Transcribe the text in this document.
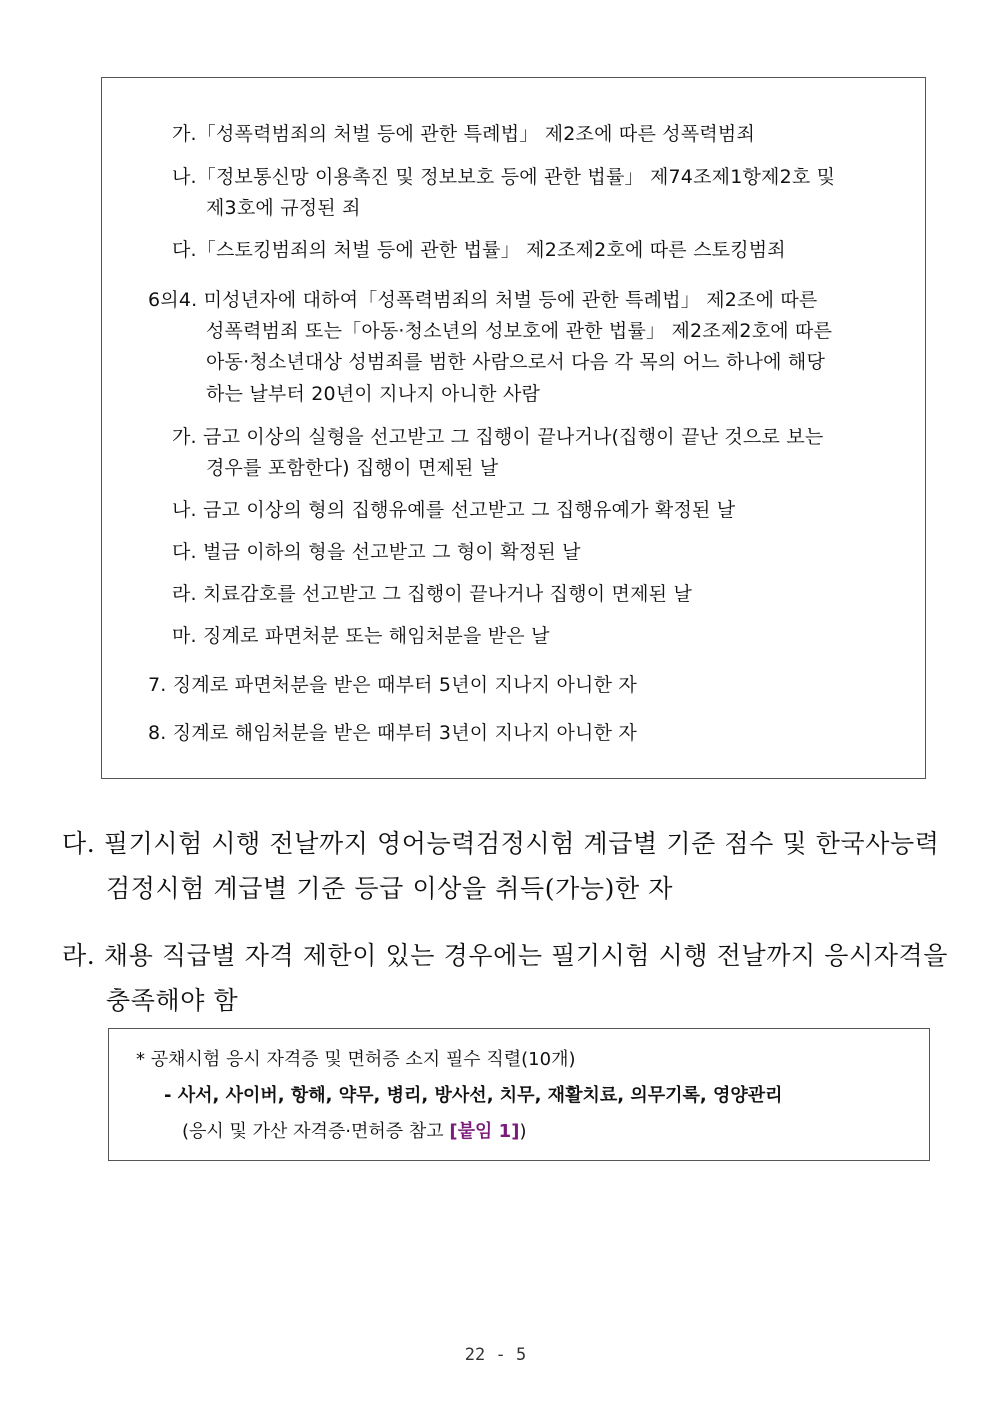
가.「성폭력범죄의 처벌 등에 관한 특례법」 제2조에 따른 성폭력범죄
나.「정보통신망 이용촉진 및 정보보호 등에 관한 법률」 제74조제1항제2호 및
제3호에 규정된 죄
다.「스토킹범죄의 처벌 등에 관한 법률」 제2조제2호에 따른 스토킹범죄
6의4. 미성년자에 대하여「성폭력범죄의 처벌 등에 관한 특례법」 제2조에 따른
성폭력범죄 또는「아동·청소년의 성보호에 관한 법률」 제2조제2호에 따른
아동·청소년대상 성범죄를 범한 사람으로서 다음 각 목의 어느 하나에 해당
하는 날부터 20년이 지나지 아니한 사람
가. 금고 이상의 실형을 선고받고 그 집행이 끝나거나(집행이 끝난 것으로 보는
경우를 포함한다) 집행이 면제된 날
나. 금고 이상의 형의 집행유예를 선고받고 그 집행유예가 확정된 날
다. 벌금 이하의 형을 선고받고 그 형이 확정된 날
라. 치료감호를 선고받고 그 집행이 끝나거나 집행이 면제된 날
마. 징계로 파면처분 또는 해임처분을 받은 날
7. 징계로 파면처분을 받은 때부터 5년이 지나지 아니한 자
8. 징계로 해임처분을 받은 때부터 3년이 지나지 아니한 자
다. 필기시험 시행 전날까지 영어능력검정시험 계급별 기준 점수 및 한국사능력
검정시험 계급별 기준 등급 이상을 취득(가능)한 자
라. 채용 직급별 자격 제한이 있는 경우에는 필기시험 시행 전날까지 응시자격을
충족해야 함
* 공채시험 응시 자격증 및 면허증 소지 필수 직렬(10개)
- 사서, 사이버, 항해, 약무, 병리, 방사선, 치무, 재활치료, 의무기록, 영양관리
(응시 및 가산 자격증·면허증 참고 [붙임 1])
22 - 5
